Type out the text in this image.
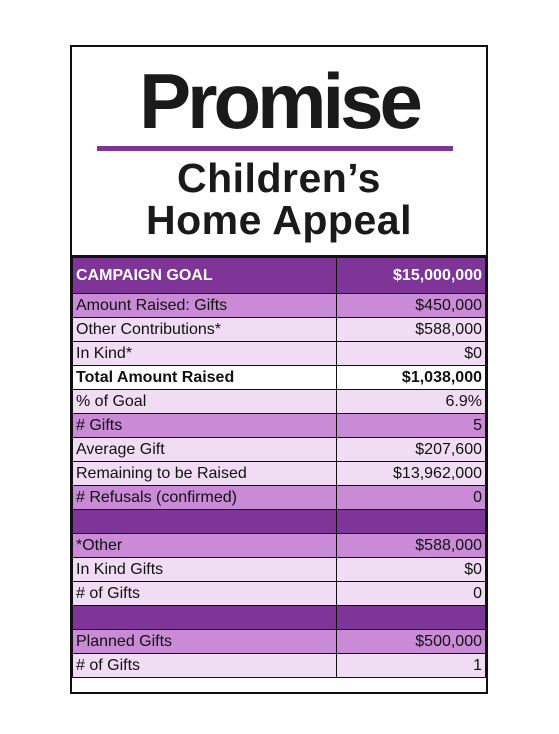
Promise
Children’s
Home Appeal
CAMPAIGN GOAL	$15,000,000
Amount Raised: Gifts	$450,000
Other Contributions*	$588,000
In Kind*	$0
Total Amount Raised	$1,038,000
% of Goal	6.9%
# Gifts	5
Average Gift	$207,600
Remaining to be Raised	$13,962,000
# Refusals (confirmed)	0

*Other	$588,000
In Kind Gifts	$0
# of Gifts	0

Planned Gifts	$500,000
# of Gifts	1
